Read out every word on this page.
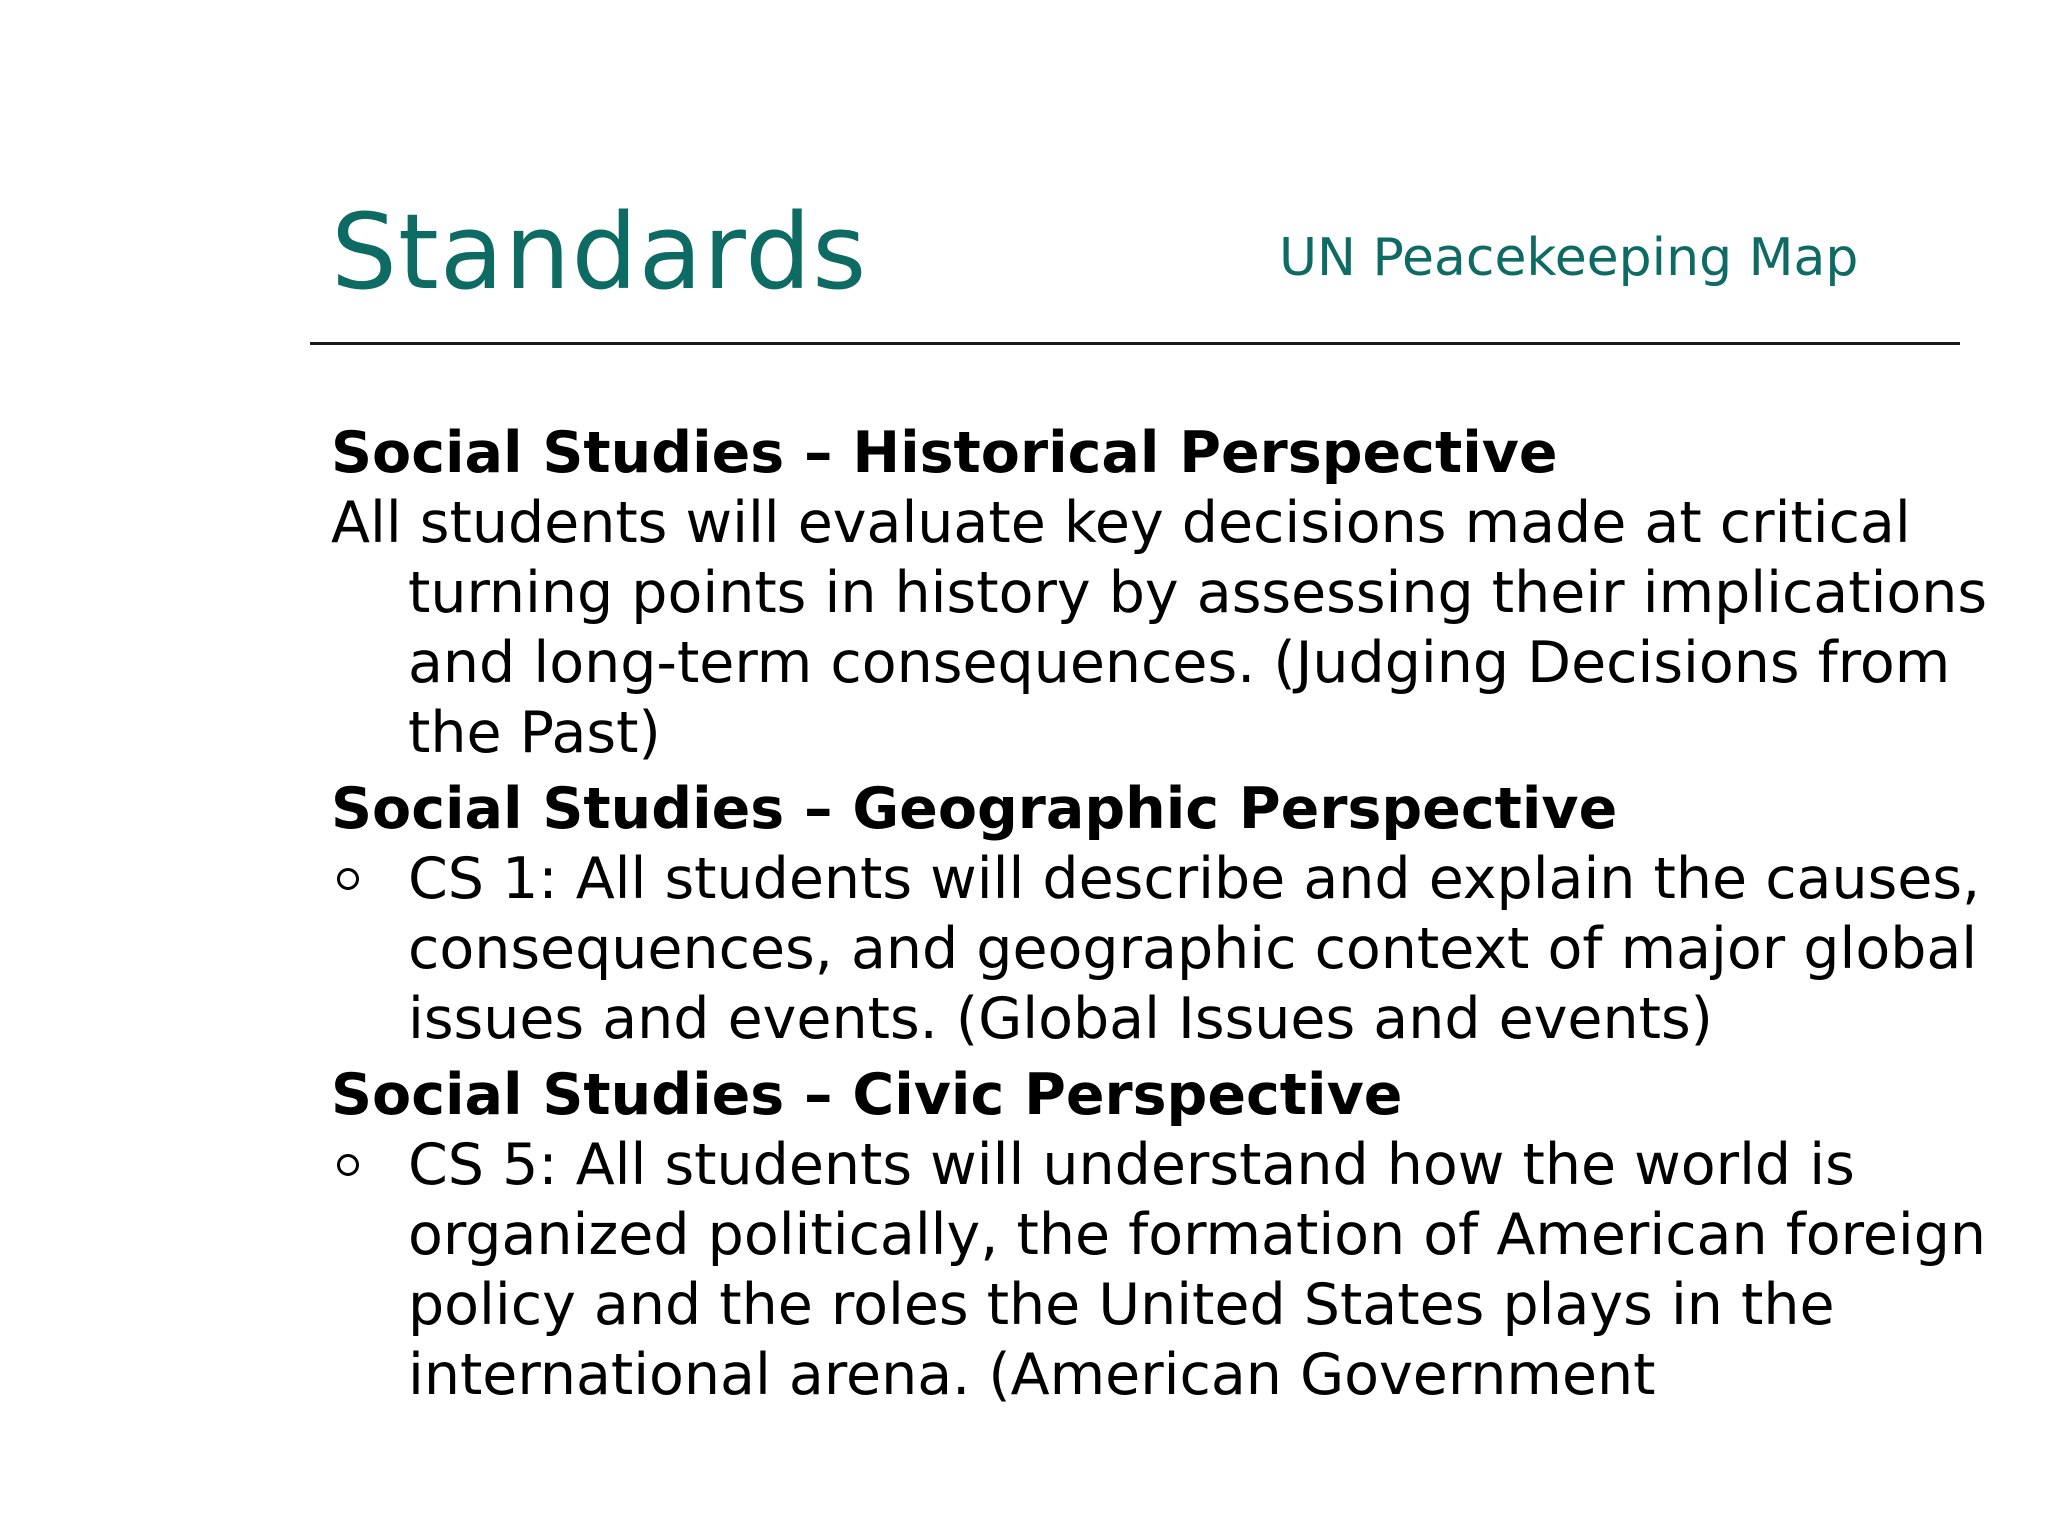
Standards	UN Peacekeeping Map

Social Studies – Historical Perspective

All students will evaluate key decisions made at critical turning points in history by assessing their implications and long-term consequences. (Judging Decisions from the Past)

Social Studies – Geographic Perspective

CS 1: All students will describe and explain the causes, consequences, and geographic context of major global issues and events. (Global Issues and events)

Social Studies – Civic Perspective

CS 5: All students will understand how the world is organized politically, the formation of American foreign policy and the roles the United States plays in the international arena. (American Government
